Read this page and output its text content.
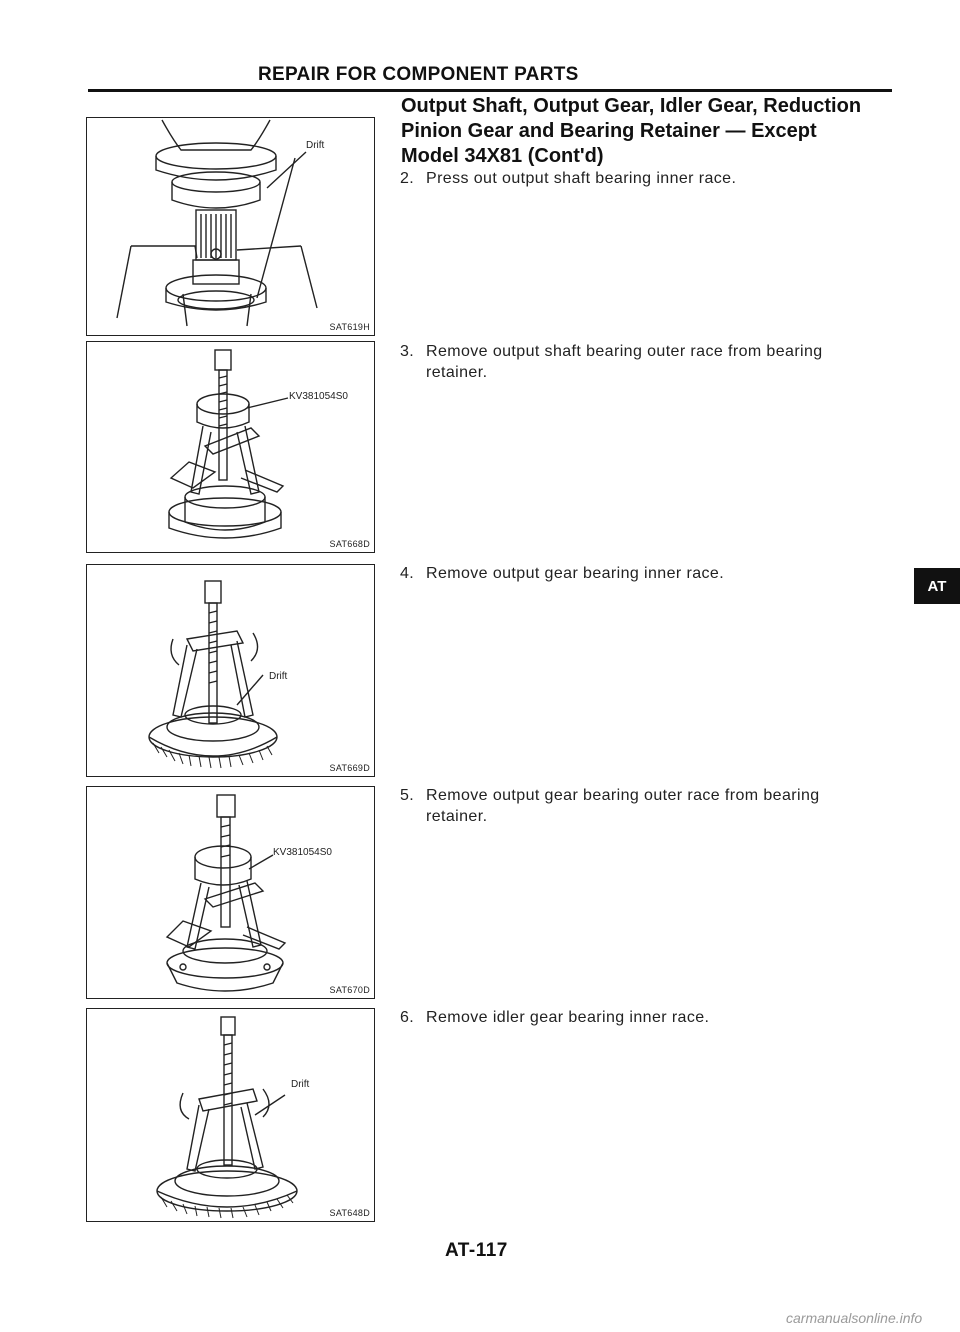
REPAIR FOR COMPONENT PARTS
Output Shaft, Output Gear, Idler Gear, Reduction
Pinion Gear and Bearing Retainer — Except
Model 34X81 (Cont'd)
2. Press out output shaft bearing inner race.
3. Remove output shaft bearing outer race from bearing
retainer.
4. Remove output gear bearing inner race.
5. Remove output gear bearing outer race from bearing
retainer.
6. Remove idler gear bearing inner race.
Drift
SAT619H
KV381054S0
SAT668D
Drift
SAT669D
KV381054S0
SAT670D
Drift
SAT648D
AT
AT-117
carmanualsonline.info
